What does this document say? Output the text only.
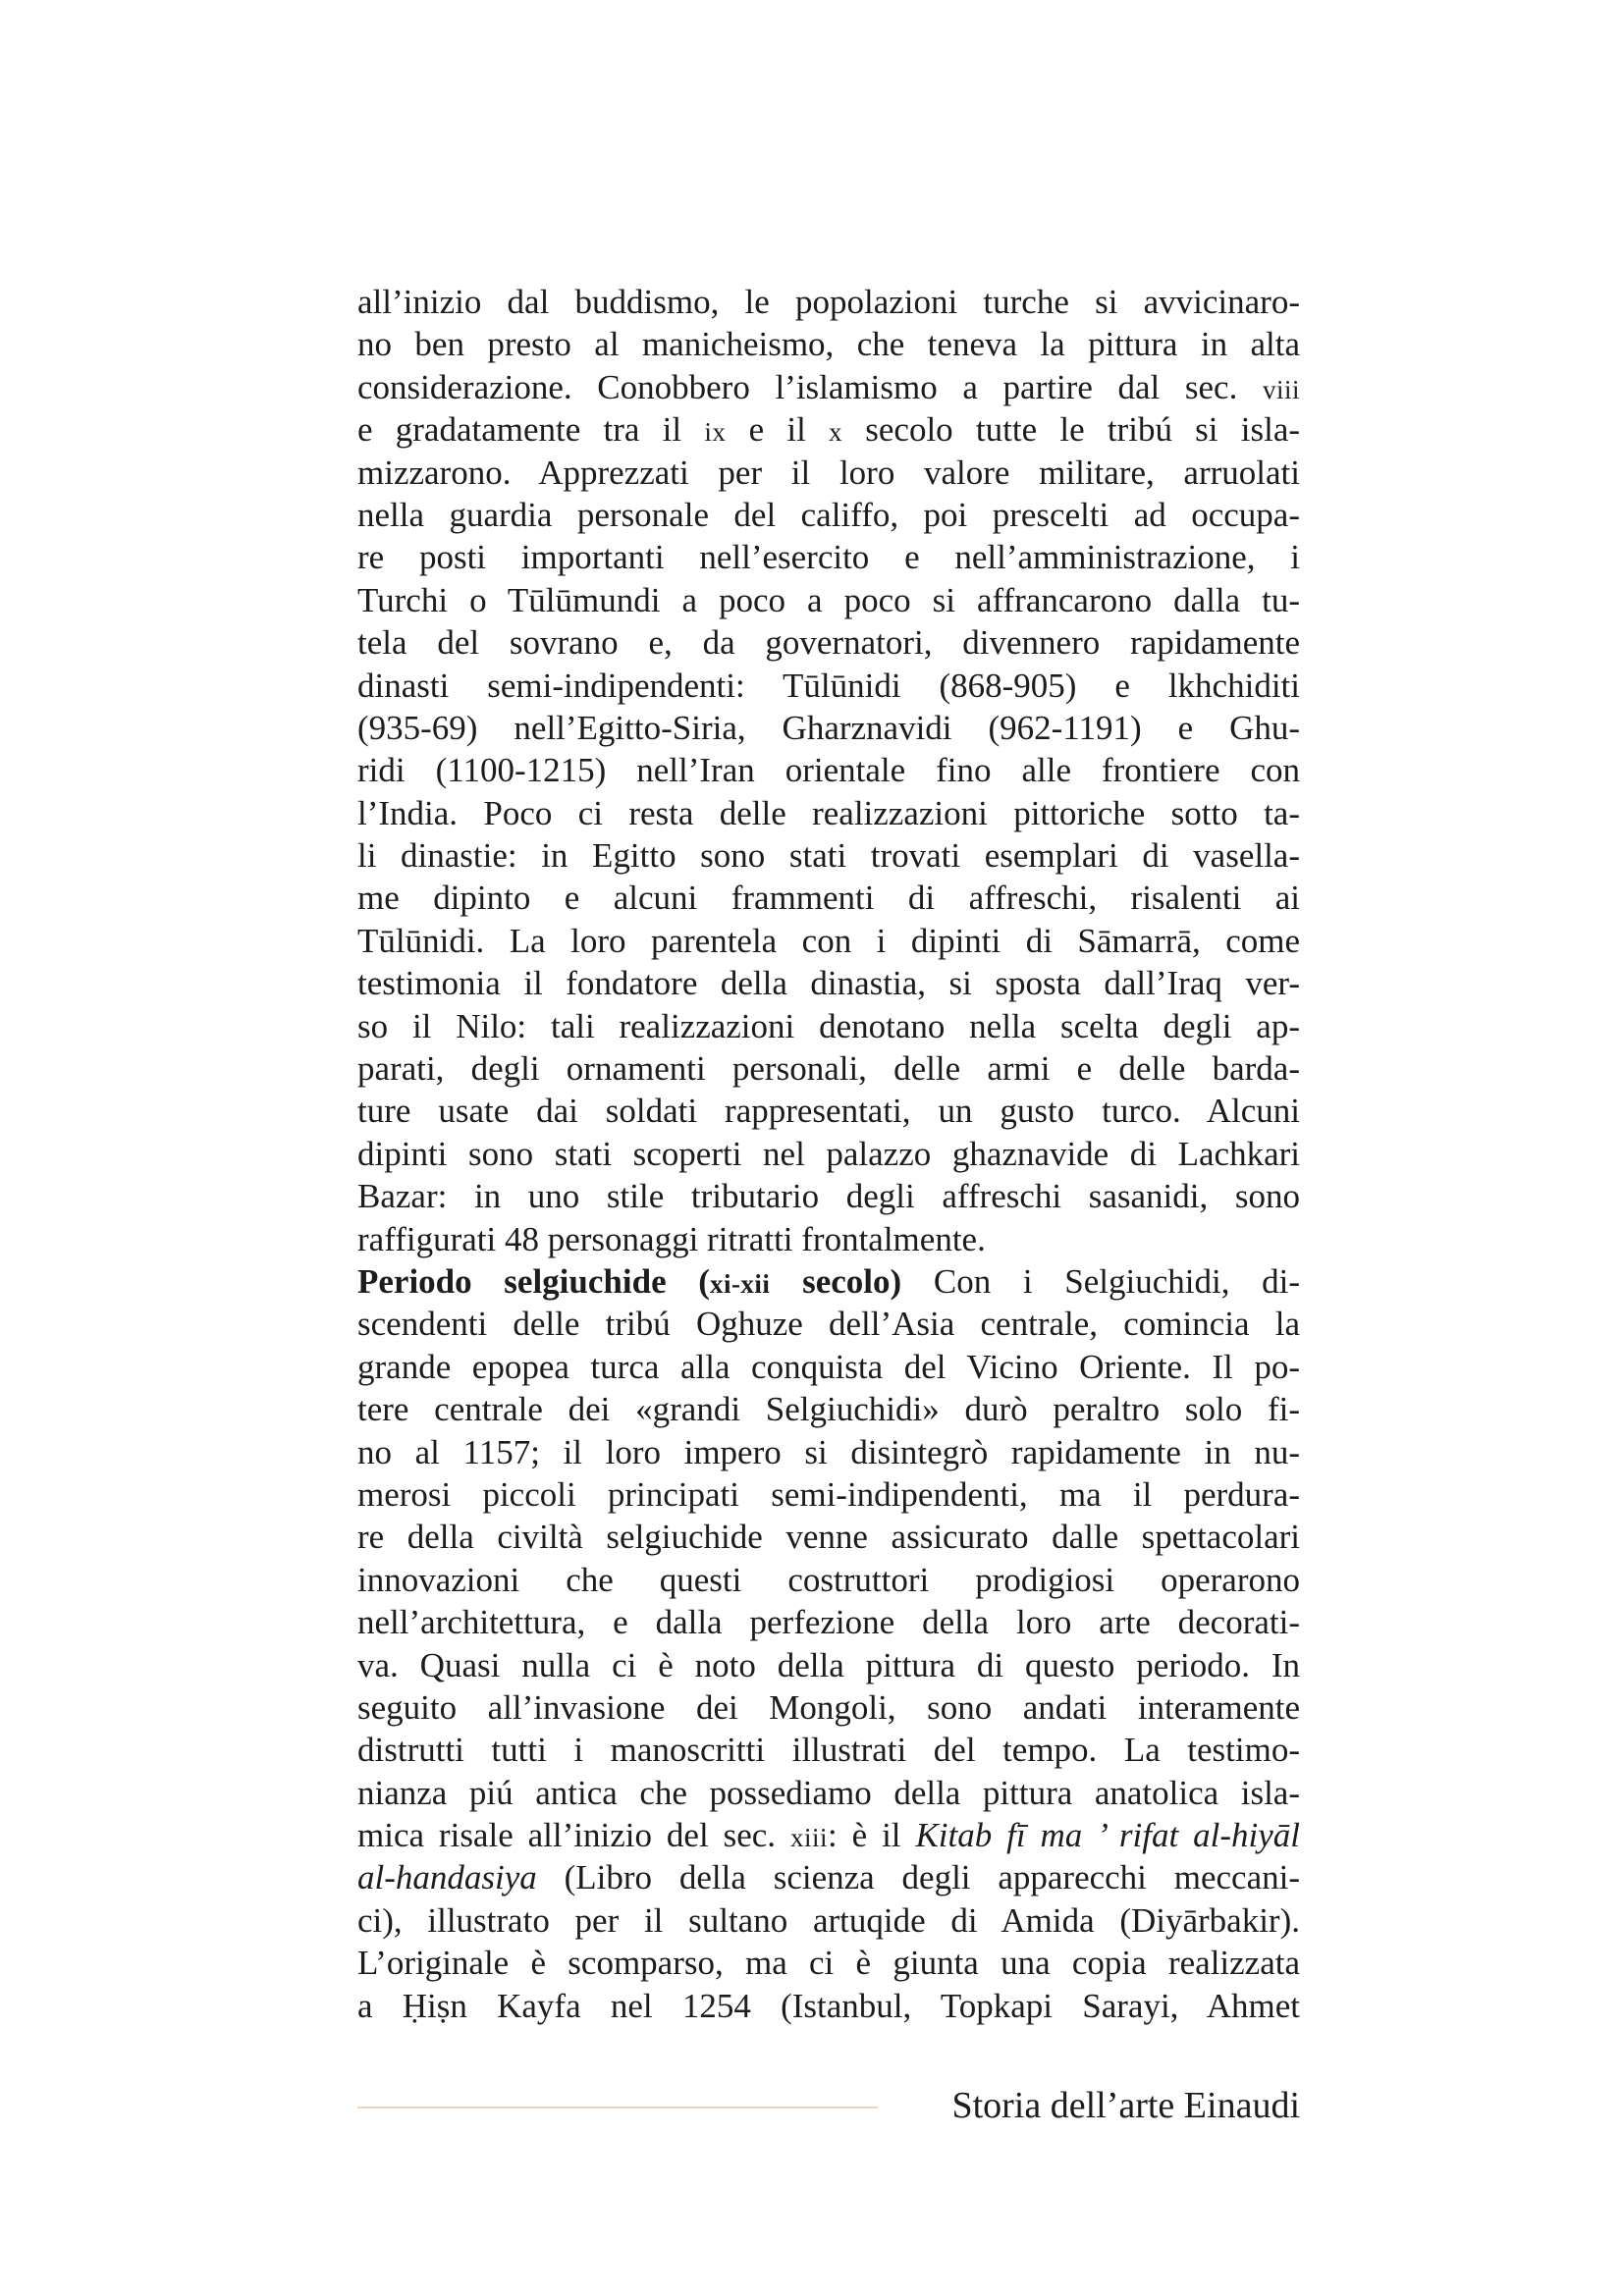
all’inizio dal buddismo, le popolazioni turche si avvicinaro-
no ben presto al manicheismo, che teneva la pittura in alta
considerazione. Conobbero l’islamismo a partire dal sec. viii
e gradatamente tra il ix e il x secolo tutte le tribú si isla-
mizzarono. Apprezzati per il loro valore militare, arruolati
nella guardia personale del califfo, poi prescelti ad occupa-
re posti importanti nell’esercito e nell’amministrazione, i
Turchi o Tūlūmundi a poco a poco si affrancarono dalla tu-
tela del sovrano e, da governatori, divennero rapidamente
dinasti semi-indipendenti: Tūlūnidi (868-905) e lkhchiditi
(935-69) nell’Egitto-Siria, Gharznavidi (962-1191) e Ghu-
ridi (1100-1215) nell’Iran orientale fino alle frontiere con
l’India. Poco ci resta delle realizzazioni pittoriche sotto ta-
li dinastie: in Egitto sono stati trovati esemplari di vasella-
me dipinto e alcuni frammenti di affreschi, risalenti ai
Tūlūnidi. La loro parentela con i dipinti di Sāmarrā, come
testimonia il fondatore della dinastia, si sposta dall’Iraq ver-
so il Nilo: tali realizzazioni denotano nella scelta degli ap-
parati, degli ornamenti personali, delle armi e delle barda-
ture usate dai soldati rappresentati, un gusto turco. Alcuni
dipinti sono stati scoperti nel palazzo ghaznavide di Lachkari
Bazar: in uno stile tributario degli affreschi sasanidi, sono
raffigurati 48 personaggi ritratti frontalmente.
Periodo selgiuchide (xi-xii secolo) Con i Selgiuchidi, di-
scendenti delle tribú Oghuze dell’Asia centrale, comincia la
grande epopea turca alla conquista del Vicino Oriente. Il po-
tere centrale dei «grandi Selgiuchidi» durò peraltro solo fi-
no al 1157; il loro impero si disintegrò rapidamente in nu-
merosi piccoli principati semi-indipendenti, ma il perdura-
re della civiltà selgiuchide venne assicurato dalle spettacolari
innovazioni che questi costruttori prodigiosi operarono
nell’architettura, e dalla perfezione della loro arte decorati-
va. Quasi nulla ci è noto della pittura di questo periodo. In
seguito all’invasione dei Mongoli, sono andati interamente
distrutti tutti i manoscritti illustrati del tempo. La testimo-
nianza piú antica che possediamo della pittura anatolica isla-
mica risale all’inizio del sec. xiii: è il Kitab fī ma ’ rifat al-hiyāl
al-handasiya (Libro della scienza degli apparecchi meccani-
ci), illustrato per il sultano artuqide di Amida (Diyārbakir).
L’originale è scomparso, ma ci è giunta una copia realizzata
a Ḥiṣn Kayfa nel 1254 (Istanbul, Topkapi Sarayi, Ahmet
Storia dell’arte Einaudi
